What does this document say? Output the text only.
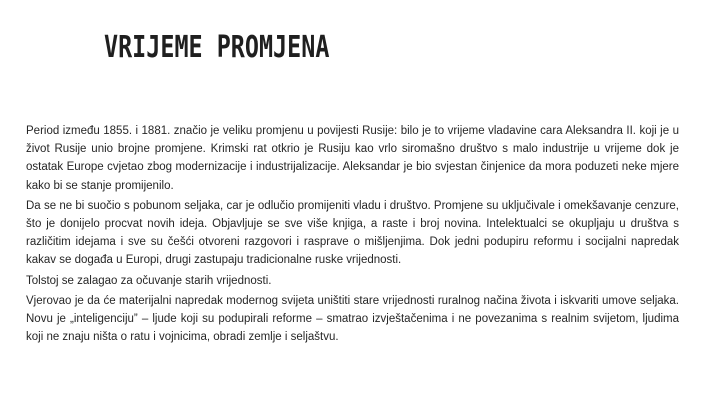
VRIJEME PROMJENA

Period između 1855. i 1881. značio je veliku promjenu u povijesti Rusije: bilo je to vrijeme vladavine cara Aleksandra II. koji je u život Rusije unio brojne promjene. Krimski rat otkrio je Rusiju kao vrlo siromašno društvo s malo industrije u vrijeme dok je ostatak Europe cvjetao zbog modernizacije i industrijalizacije. Aleksandar je bio svjestan činjenice da mora poduzeti neke mjere kako bi se stanje promijenilo.

Da se ne bi suočio s pobunom seljaka, car je odlučio promijeniti vladu i društvo. Promjene su uključivale i omekšavanje cenzure, što je donijelo procvat novih ideja. Objavljuje se sve više knjiga, a raste i broj novina. Intelektualci se okupljaju u društva s različitim idejama i sve su češći otvoreni razgovori i rasprave o mišljenjima. Dok jedni podupiru reformu i socijalni napredak kakav se događa u Europi, drugi zastupaju tradicionalne ruske vrijednosti.

Tolstoj se zalagao za očuvanje starih vrijednosti.

Vjerovao je da će materijalni napredak modernog svijeta uništiti stare vrijednosti ruralnog načina života i iskvariti umove seljaka. Novu je „inteligenciju” – ljude koji su podupirali reforme – smatrao izvještačenima i ne povezanima s realnim svijetom, ljudima koji ne znaju ništa o ratu i vojnicima, obradi zemlje i seljaštvu.
